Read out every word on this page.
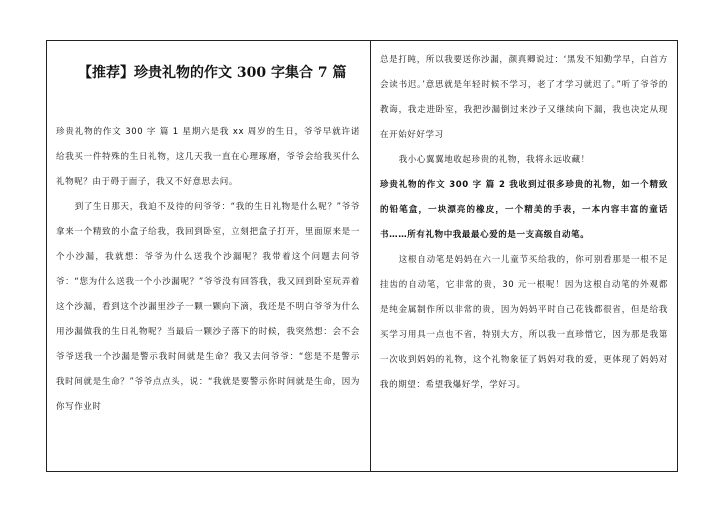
【推荐】珍贵礼物的作文 300 字集合 7 篇

珍贵礼物的作文 300 字 篇 1 星期六是我 xx 周岁的生日，爷爷早就许诺给我买一件特殊的生日礼物，这几天我一直在心理琢磨，爷爷会给我买什么礼物呢？由于碍于面子，我又不好意思去问。

到了生日那天，我迫不及待的问爷爷：“我的生日礼物是什么呢？”爷爷拿来一个精致的小盒子给我，我回到卧室，立刻把盒子打开，里面原来是一个小沙漏，我就想：爷爷为什么送我个沙漏呢？我带着这个问题去问爷爷：“您为什么送我一个小沙漏呢？”爷爷没有回答我，我又回到卧室玩弄着这个沙漏，看到这个沙漏里沙子一颗一颗向下滴，我还是不明白爷爷为什么用沙漏做我的生日礼物呢？当最后一颗沙子落下的时候，我突然想：会不会爷爷送我一个沙漏是警示我时间就是生命？我又去问爷爷：“您是不是警示我时间就是生命？”爷爷点点头，说：“我就是要警示你时间就是生命，因为你写作业时

总是打盹，所以我要送你沙漏，颜真卿说过：‘黑发不知勤学早，白首方会读书迟。’意思就是年轻时候不学习，老了才学习就迟了。”听了爷爷的教诲，我走进卧室，我把沙漏倒过来沙子又继续向下漏，我也决定从现在开始好好学习

我小心翼翼地收起珍贵的礼物，我将永远收藏！

珍贵礼物的作文 300 字 篇 2 我收到过很多珍贵的礼物，如一个精致的铅笔盒，一块漂亮的橡皮，一个精美的手表，一本内容丰富的童话书……所有礼物中我最最心爱的是一支高级自动笔。

这根自动笔是妈妈在六一儿童节买给我的，你可别看那是一根不足挂齿的自动笔，它非常的贵，30 元一根呢！因为这根自动笔的外观都是纯金属制作所以非常的贵，因为妈妈平时自己花钱都很省，但是给我买学习用具一点也不省，特别大方，所以我一直珍惜它，因为那是我第一次收到妈妈的礼物，这个礼物象征了妈妈对我的爱，更体现了妈妈对我的期望：希望我爆好学，学好习。
